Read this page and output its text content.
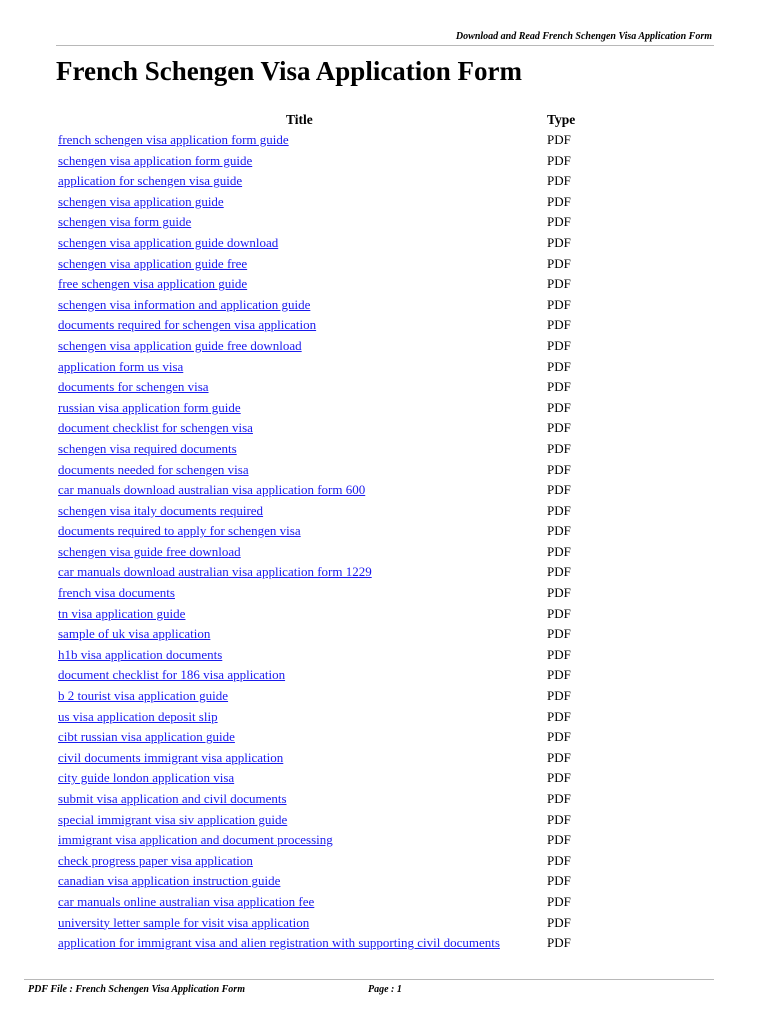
Download and Read French Schengen Visa Application Form
French Schengen Visa Application Form
Title	Type
french schengen visa application form guide	PDF
schengen visa application form guide	PDF
application for schengen visa guide	PDF
schengen visa application guide	PDF
schengen visa form guide	PDF
schengen visa application guide download	PDF
schengen visa application guide free	PDF
free schengen visa application guide	PDF
schengen visa information and application guide	PDF
documents required for schengen visa application	PDF
schengen visa application guide free download	PDF
application form us visa	PDF
documents for schengen visa	PDF
russian visa application form guide	PDF
document checklist for schengen visa	PDF
schengen visa required documents	PDF
documents needed for schengen visa	PDF
car manuals download australian visa application form 600	PDF
schengen visa italy documents required	PDF
documents required to apply for schengen visa	PDF
schengen visa guide free download	PDF
car manuals download australian visa application form 1229	PDF
french visa documents	PDF
tn visa application guide	PDF
sample of uk visa application	PDF
h1b visa application documents	PDF
document checklist for 186 visa application	PDF
b 2 tourist visa application guide	PDF
us visa application deposit slip	PDF
cibt russian visa application guide	PDF
civil documents immigrant visa application	PDF
city guide london application visa	PDF
submit visa application and civil documents	PDF
special immigrant visa siv application guide	PDF
immigrant visa application and document processing	PDF
check progress paper visa application	PDF
canadian visa application instruction guide	PDF
car manuals online australian visa application fee	PDF
university letter sample for visit visa application	PDF
application for immigrant visa and alien registration with supporting civil documents	PDF
PDF File : French Schengen Visa Application Form	Page : 1
